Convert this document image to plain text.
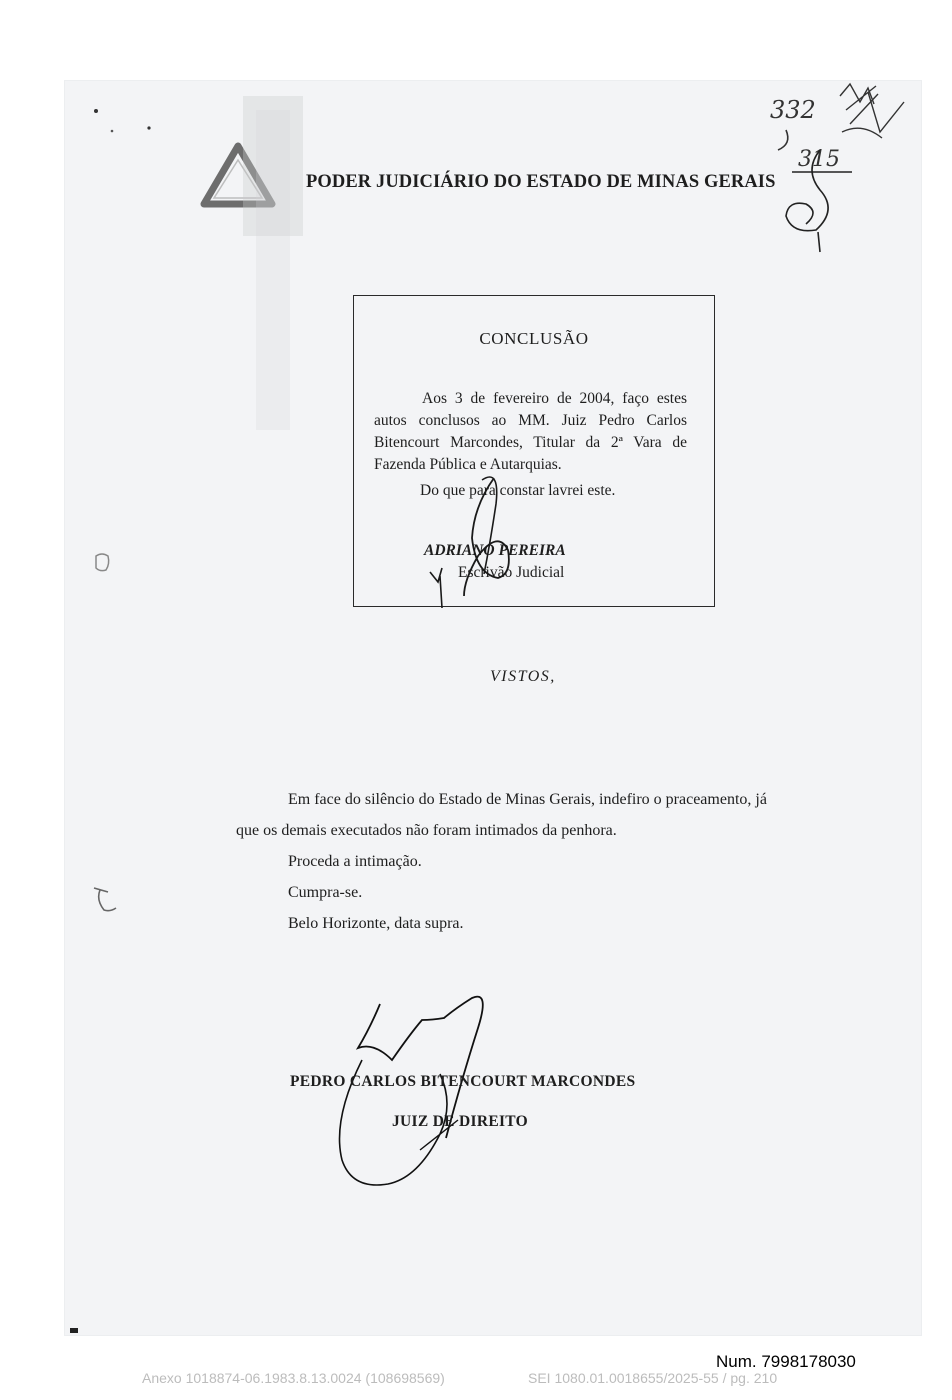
PODER JUDICIÁRIO DO ESTADO DE MINAS GERAIS
332
315
CONCLUSÃO
Aos 3 de fevereiro de 2004, faço estes autos conclusos ao MM. Juiz Pedro Carlos Bitencourt Marcondes, Titular da 2ª Vara de Fazenda Pública e Autarquias.
Do que para constar lavrei este.
ADRIANO PEREIRA
Escrivão Judicial
VISTOS,
Em face do silêncio do Estado de Minas Gerais, indefiro o praceamento, já
que os demais executados não foram intimados da penhora.
Proceda a intimação.
Cumpra-se.
Belo Horizonte, data supra.
PEDRO CARLOS BITENCOURT MARCONDES
JUIZ DE DIREITO
Num. 7998178030
Anexo 1018874-06.1983.8.13.0024 (108698569)	SEI 1080.01.0018655/2025-55 / pg. 210
